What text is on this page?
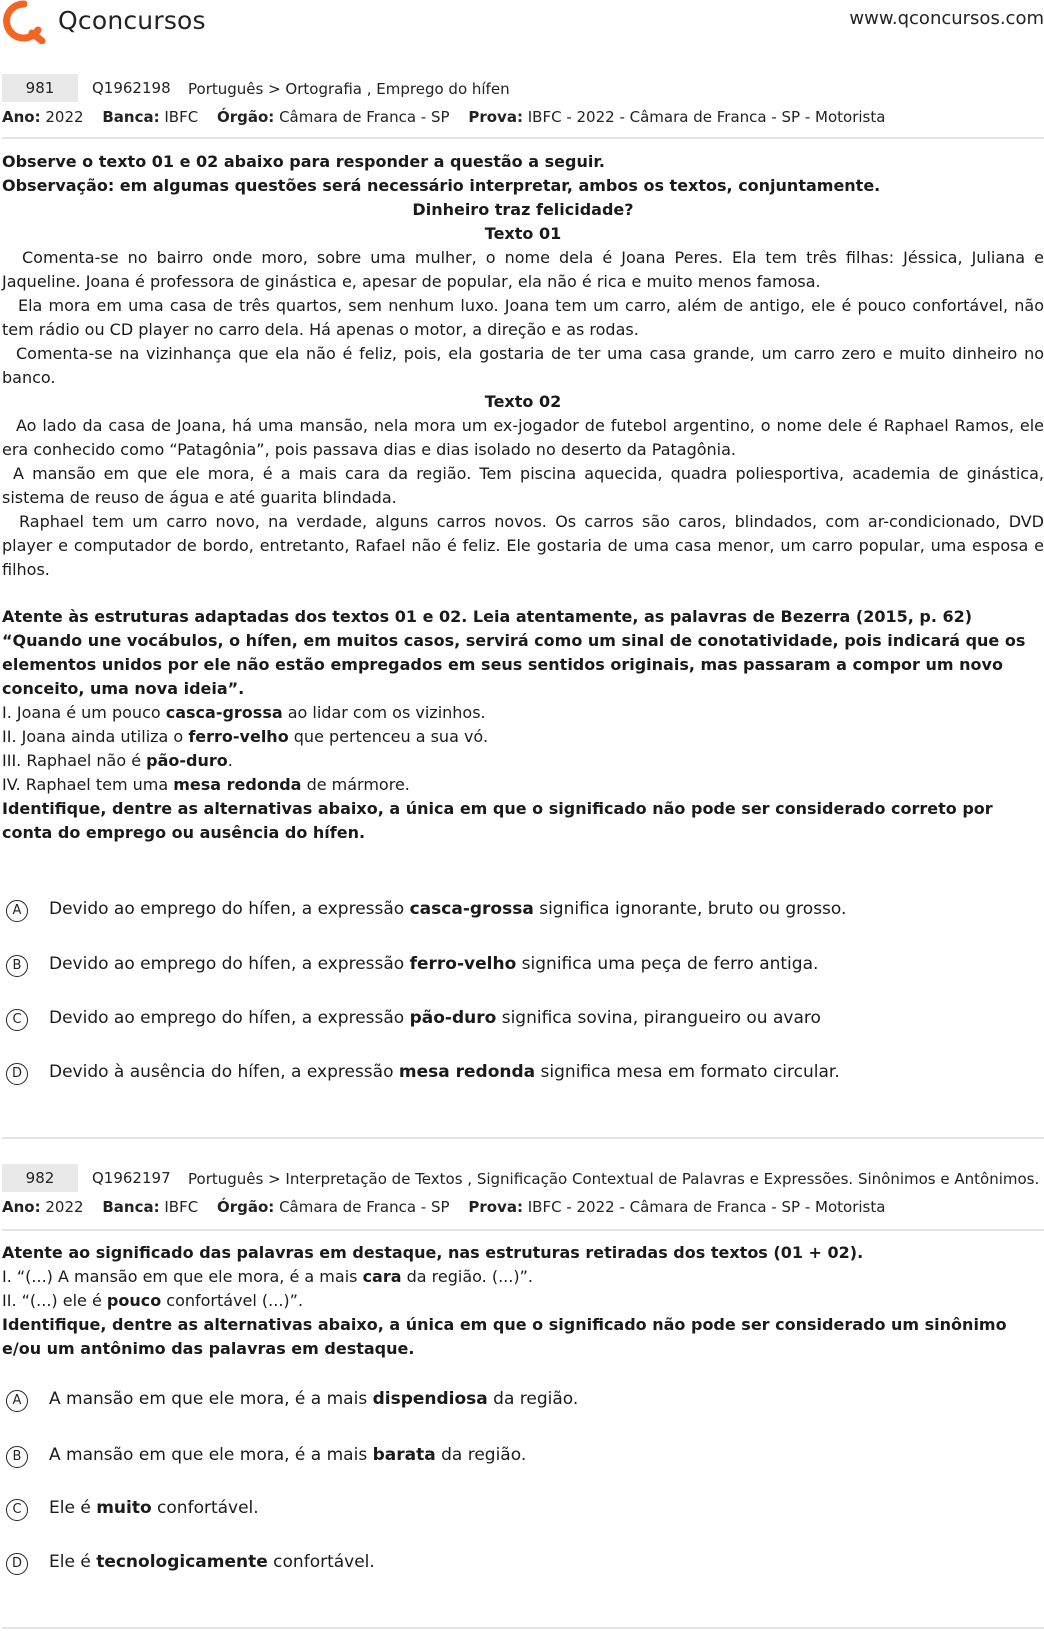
Qconcursos	www.qconcursos.com
981	Q1962198 Português > Ortografia , Emprego do hífen
Ano: 2022 Banca: IBFC Órgão: Câmara de Franca - SP Prova: IBFC - 2022 - Câmara de Franca - SP - Motorista

Observe o texto 01 e 02 abaixo para responder a questão a seguir.

Observação: em algumas questões será necessário interpretar, ambos os textos, conjuntamente.

Dinheiro traz felicidade?

Texto 01

Comenta-se no bairro onde moro, sobre uma mulher, o nome dela é Joana Peres. Ela tem três filhas: Jéssica, Juliana e Jaqueline. Joana é professora de ginástica e, apesar de popular, ela não é rica e muito menos famosa.

Ela mora em uma casa de três quartos, sem nenhum luxo. Joana tem um carro, além de antigo, ele é pouco confortável, não tem rádio ou CD player no carro dela. Há apenas o motor, a direção e as rodas.

Comenta-se na vizinhança que ela não é feliz, pois, ela gostaria de ter uma casa grande, um carro zero e muito dinheiro no banco.

Texto 02

Ao lado da casa de Joana, há uma mansão, nela mora um ex-jogador de futebol argentino, o nome dele é Raphael Ramos, ele era conhecido como “Patagônia”, pois passava dias e dias isolado no deserto da Patagônia.

A mansão em que ele mora, é a mais cara da região. Tem piscina aquecida, quadra poliesportiva, academia de ginástica, sistema de reuso de água e até guarita blindada.

Raphael tem um carro novo, na verdade, alguns carros novos. Os carros são caros, blindados, com ar-condicionado, DVD player e computador de bordo, entretanto, Rafael não é feliz. Ele gostaria de uma casa menor, um carro popular, uma esposa e filhos.

Atente às estruturas adaptadas dos textos 01 e 02. Leia atentamente, as palavras de Bezerra (2015, p. 62) “Quando une vocábulos, o hífen, em muitos casos, servirá como um sinal de conotatividade, pois indicará que os elementos unidos por ele não estão empregados em seus sentidos originais, mas passaram a compor um novo conceito, uma nova ideia”.

I. Joana é um pouco casca-grossa ao lidar com os vizinhos.

II. Joana ainda utiliza o ferro-velho que pertenceu a sua vó.

III. Raphael não é pão-duro.

IV. Raphael tem uma mesa redonda de mármore.

Identifique, dentre as alternativas abaixo, a única em que o significado não pode ser considerado correto por conta do emprego ou ausência do hífen.

A	Devido ao emprego do hífen, a expressão casca-grossa significa ignorante, bruto ou grosso.
B	Devido ao emprego do hífen, a expressão ferro-velho significa uma peça de ferro antiga.
C	Devido ao emprego do hífen, a expressão pão-duro significa sovina, pirangueiro ou avaro
D	Devido à ausência do hífen, a expressão mesa redonda significa mesa em formato circular.
982	Q1962197 Português > Interpretação de Textos , Significação Contextual de Palavras e Expressões. Sinônimos e Antônimos.
Ano: 2022 Banca: IBFC Órgão: Câmara de Franca - SP Prova: IBFC - 2022 - Câmara de Franca - SP - Motorista

Atente ao significado das palavras em destaque, nas estruturas retiradas dos textos (01 + 02).

I. “(...) A mansão em que ele mora, é a mais cara da região. (...)”.

II. “(...) ele é pouco confortável (...)”.

Identifique, dentre as alternativas abaixo, a única em que o significado não pode ser considerado um sinônimo e/ou um antônimo das palavras em destaque.

A	A mansão em que ele mora, é a mais dispendiosa da região.
B	A mansão em que ele mora, é a mais barata da região.
C	Ele é muito confortável.
D	Ele é tecnologicamente confortável.
